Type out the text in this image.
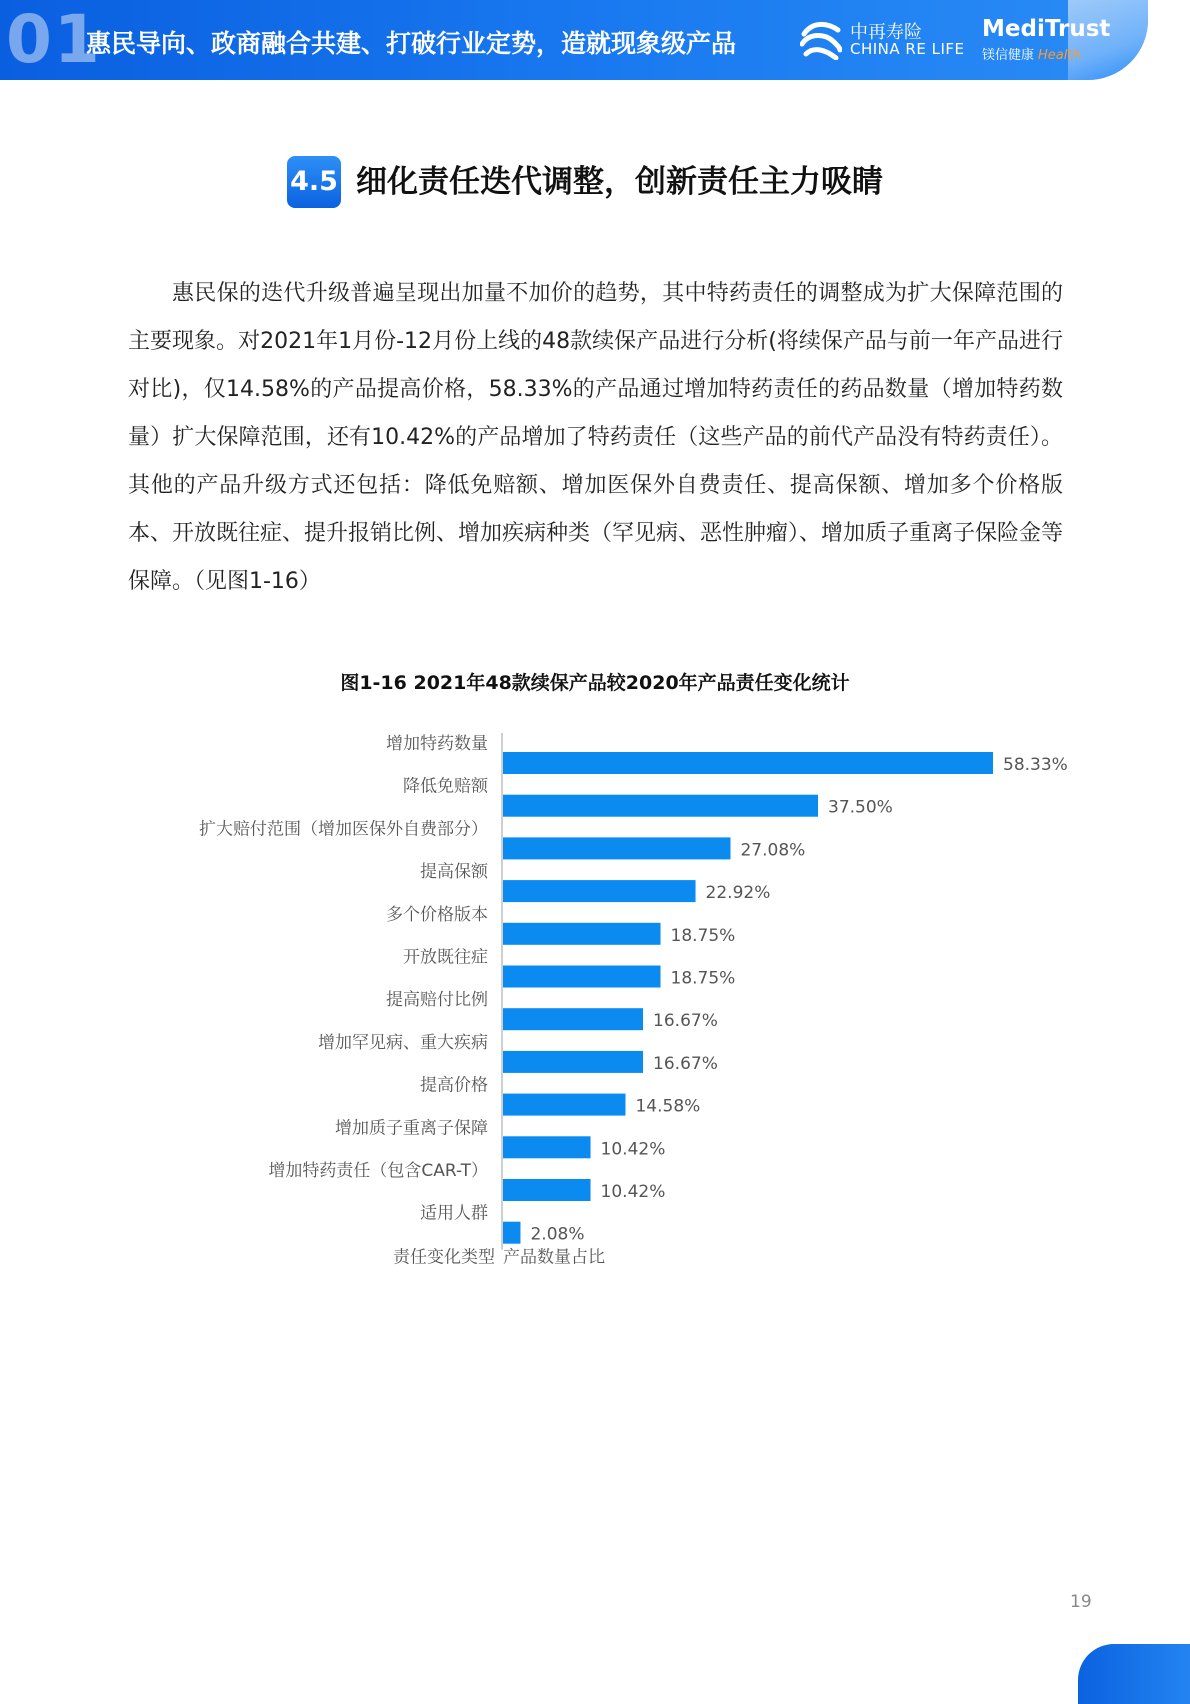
01
惠民导向、政商融合共建、打破行业定势，造就现象级产品	中再寿险
CHINA RE LIFE
MediTrust
镁信健康 Health
4.5 细化责任迭代调整，创新责任主力吸睛
惠民保的迭代升级普遍呈现出加量不加价的趋势，其中特药责任的调整成为扩大保障范围的主要现象。对2021年1月份-12月份上线的48款续保产品进行分析(将续保产品与前一年产品进行对比)，仅14.58%的产品提高价格，58.33%的产品通过增加特药责任的药品数量（增加特药数量）扩大保障范围，还有10.42%的产品增加了特药责任（这些产品的前代产品没有特药责任）。其他的产品升级方式还包括：降低免赔额、增加医保外自费责任、提高保额、增加多个价格版本、开放既往症、提升报销比例、增加疾病种类（罕见病、恶性肿瘤）、增加质子重离子保险金等保障。（见图1-16）
图1-16 2021年48款续保产品较2020年产品责任变化统计
58.33%
增加特药数量
37.50%
降低免赔额
27.08%
扩大赔付范围（增加医保外自费部分）
22.92%
提高保额
18.75%
多个价格版本
18.75%
开放既往症
16.67%
提高赔付比例
16.67%
增加罕见病、重大疾病
14.58%
提高价格
10.42%
增加质子重离子保障
10.42%
增加特药责任（包含CAR-T）
2.08%
适用人群
责任变化类型 产品数量占比
19
